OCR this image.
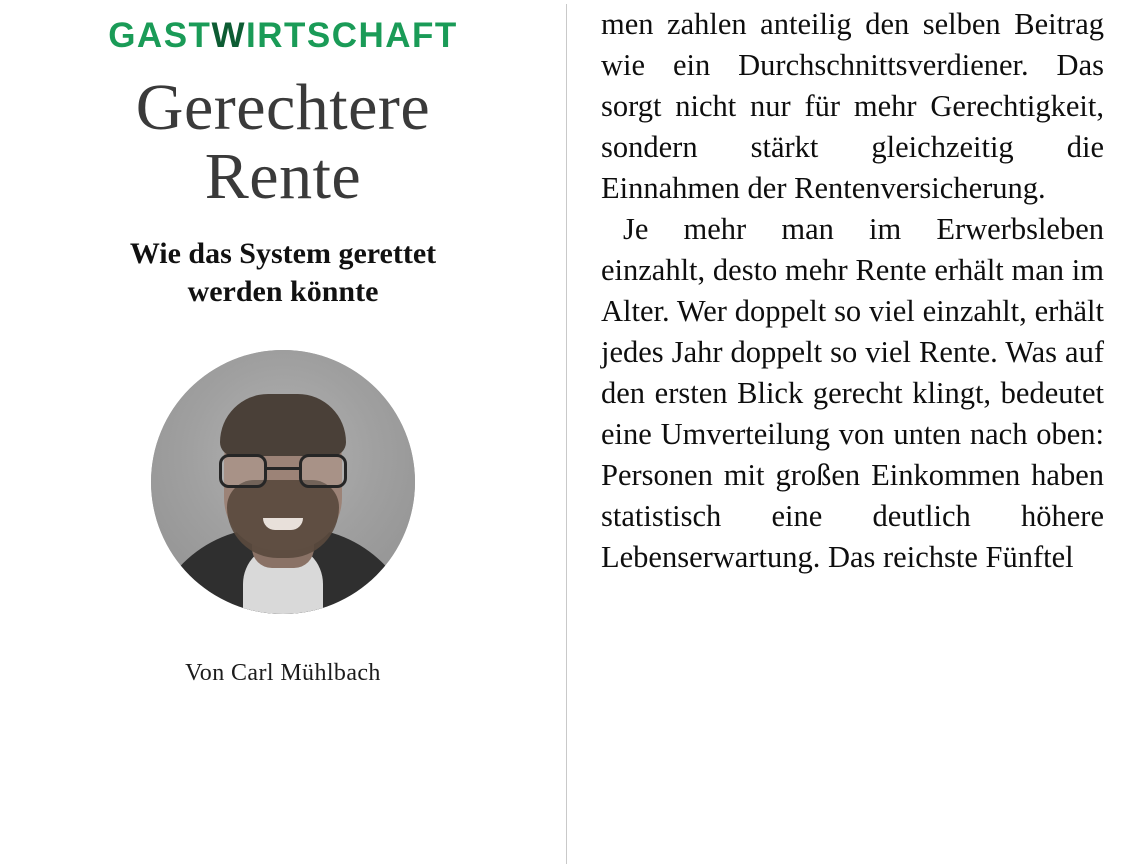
GASTWIRTSCHAFT
Gerechtere
Rente
Wie das System gerettet
werden könnte
Von Carl Mühlbach

men zahlen anteilig den selben Beitrag wie ein Durchschnittsverdiener. Das sorgt nicht nur für mehr Gerechtigkeit, sondern stärkt gleichzeitig die Einnahmen der Rentenversicherung.

Je mehr man im Erwerbsleben einzahlt, desto mehr Rente erhält man im Alter. Wer doppelt so viel einzahlt, erhält jedes Jahr doppelt so viel Rente. Was auf den ersten Blick gerecht klingt, bedeutet eine Umverteilung von unten nach oben: Personen mit großen Einkommen haben statistisch eine deutlich höhere Lebenserwartung. Das reichste Fünftel
